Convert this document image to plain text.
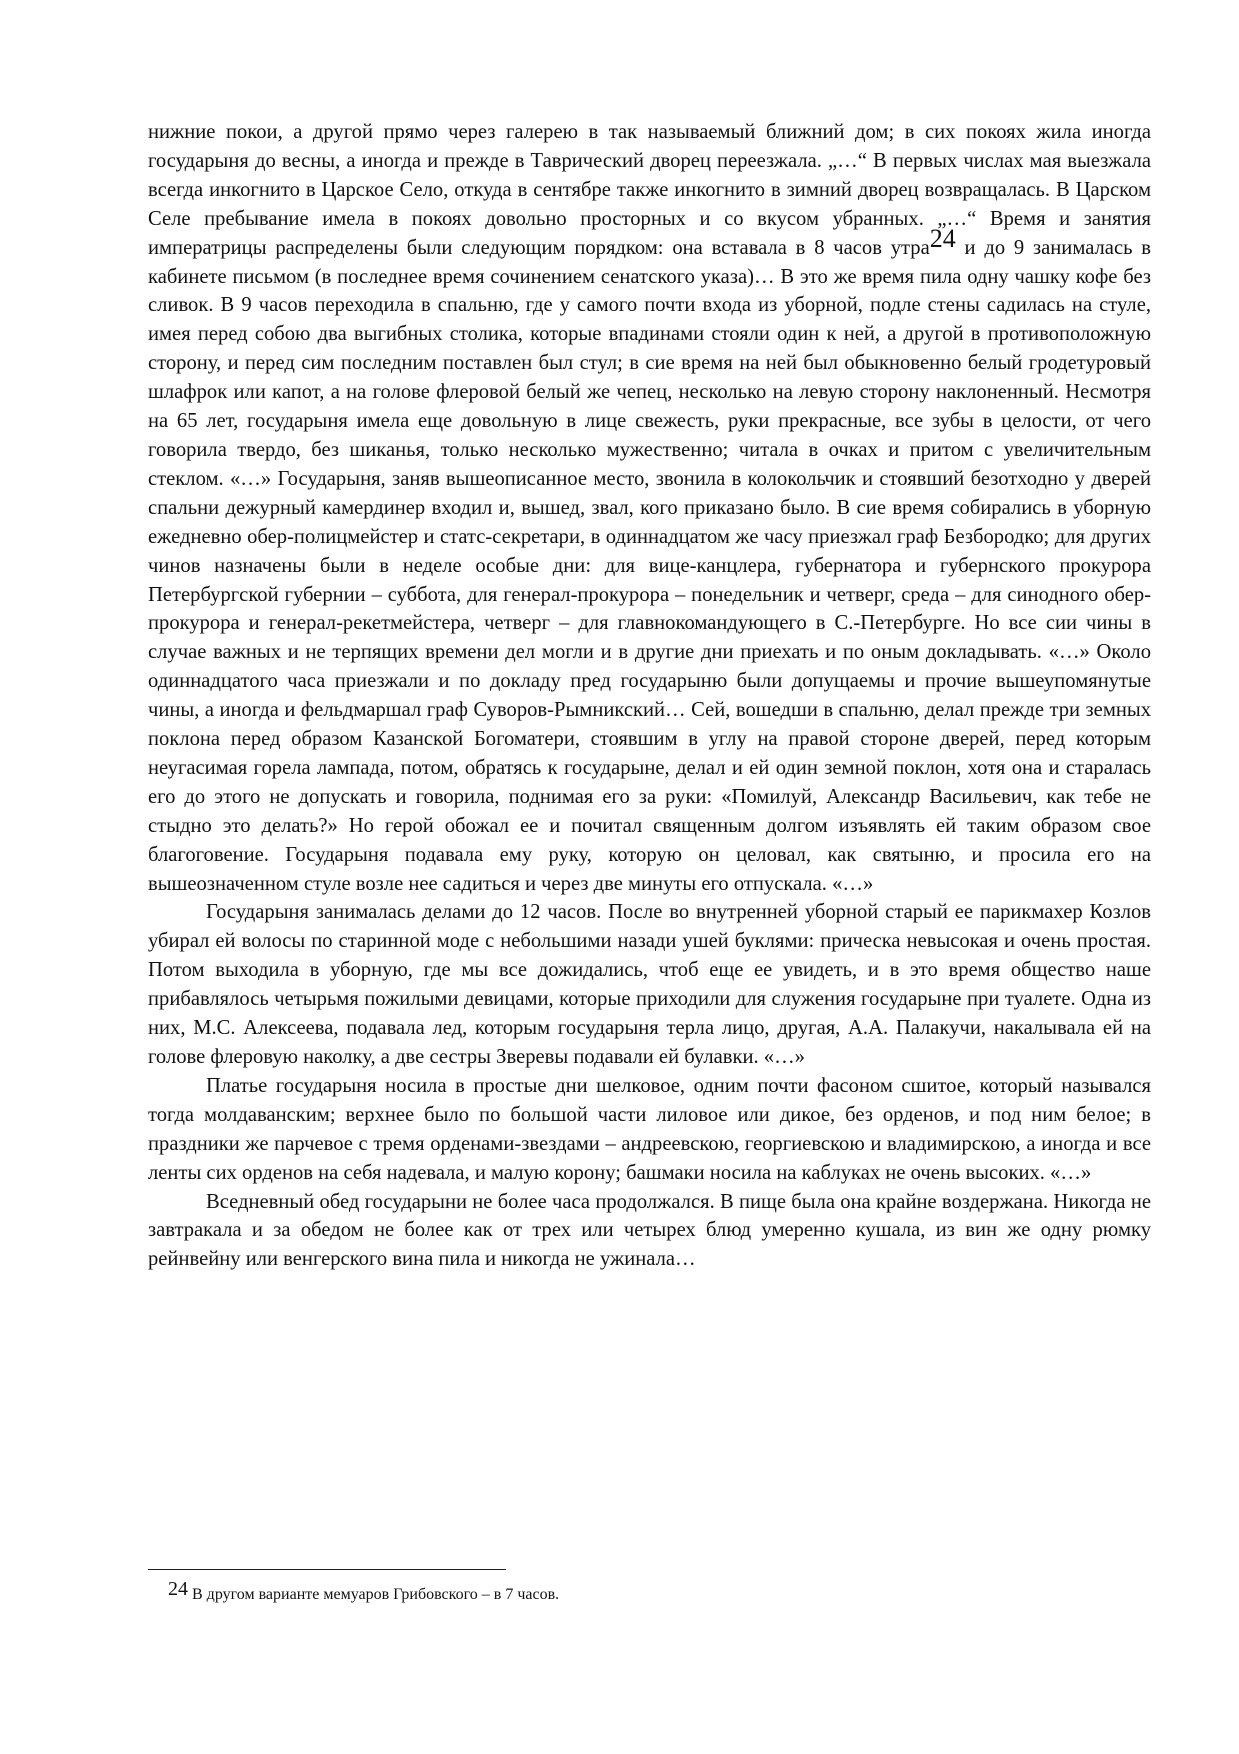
нижние покои, а другой прямо через галерею в так называемый ближний дом; в сих покоях жила иногда государыня до весны, а иногда и прежде в Таврический дворец переезжала. „…“ В первых числах мая выезжала всегда инкогнито в Царское Село, откуда в сентябре также инкогнито в зимний дворец возвращалась. В Царском Селе пребывание имела в покоях довольно просторных и со вкусом убранных. „…“ Время и занятия императрицы распределены были следующим порядком: она вставала в 8 часов утра24 и до 9 занималась в кабинете письмом (в последнее время сочинением сенатского указа)… В это же время пила одну чашку кофе без сливок. В 9 часов переходила в спальню, где у самого почти входа из уборной, подле стены садилась на стуле, имея перед собою два выгибных столика, которые впадинами стояли один к ней, а другой в противоположную сторону, и перед сим последним поставлен был стул; в сие время на ней был обыкновенно белый гродетуровый шлафрок или капот, а на голове флеровой белый же чепец, несколько на левую сторону наклоненный. Несмотря на 65 лет, государыня имела еще довольную в лице свежесть, руки прекрасные, все зубы в целости, от чего говорила твердо, без шиканья, только несколько мужественно; читала в очках и притом с увеличительным стеклом. «…» Государыня, заняв вышеописанное место, звонила в колокольчик и стоявший безотходно у дверей спальни дежурный камердинер входил и, вышед, звал, кого приказано было. В сие время собирались в уборную ежедневно обер-полицмейстер и статс-секретари, в одиннадцатом же часу приезжал граф Безбородко; для других чинов назначены были в неделе особые дни: для вице-канцлера, губернатора и губернского прокурора Петербургской губернии – суббота, для генерал-прокурора – понедельник и четверг, среда – для синодного обер-прокурора и генерал-рекетмейстера, четверг – для главнокомандующего в С.-Петербурге. Но все сии чины в случае важных и не терпящих времени дел могли и в другие дни приехать и по оным докладывать. «…» Около одиннадцатого часа приезжали и по докладу пред государыню были допущаемы и прочие вышеупомянутые чины, а иногда и фельдмаршал граф Суворов-Рымникский… Сей, вошедши в спальню, делал прежде три земных поклона перед образом Казанской Богоматери, стоявшим в углу на правой стороне дверей, перед которым неугасимая горела лампада, потом, обратясь к государыне, делал и ей один земной поклон, хотя она и старалась его до этого не допускать и говорила, поднимая его за руки: «Помилуй, Александр Васильевич, как тебе не стыдно это делать?» Но герой обожал ее и почитал священным долгом изъявлять ей таким образом свое благоговение. Государыня подавала ему руку, которую он целовал, как святыню, и просила его на вышеозначенном стуле возле нее садиться и через две минуты его отпускала. «…»

Государыня занималась делами до 12 часов. После во внутренней уборной старый ее парикмахер Козлов убирал ей волосы по старинной моде с небольшими назади ушей буклями: прическа невысокая и очень простая. Потом выходила в уборную, где мы все дожидались, чтоб еще ее увидеть, и в это время общество наше прибавлялось четырьмя пожилыми девицами, которые приходили для служения государыне при туалете. Одна из них, М.С. Алексеева, подавала лед, которым государыня терла лицо, другая, А.А. Палакучи, накалывала ей на голове флеровую наколку, а две сестры Зверевы подавали ей булавки. «…»

Платье государыня носила в простые дни шелковое, одним почти фасоном сшитое, который назывался тогда молдаванским; верхнее было по большой части лиловое или дикое, без орденов, и под ним белое; в праздники же парчевое с тремя орденами-звездами – андреевскою, георгиевскою и владимирскою, а иногда и все ленты сих орденов на себя надевала, и малую корону; башмаки носила на каблуках не очень высоких. «…»

Вседневный обед государыни не более часа продолжался. В пище была она крайне воздержана. Никогда не завтракала и за обедом не более как от трех или четырех блюд умеренно кушала, из вин же одну рюмку рейнвейну или венгерского вина пила и никогда не ужинала…

24 В другом варианте мемуаров Грибовского – в 7 часов.
